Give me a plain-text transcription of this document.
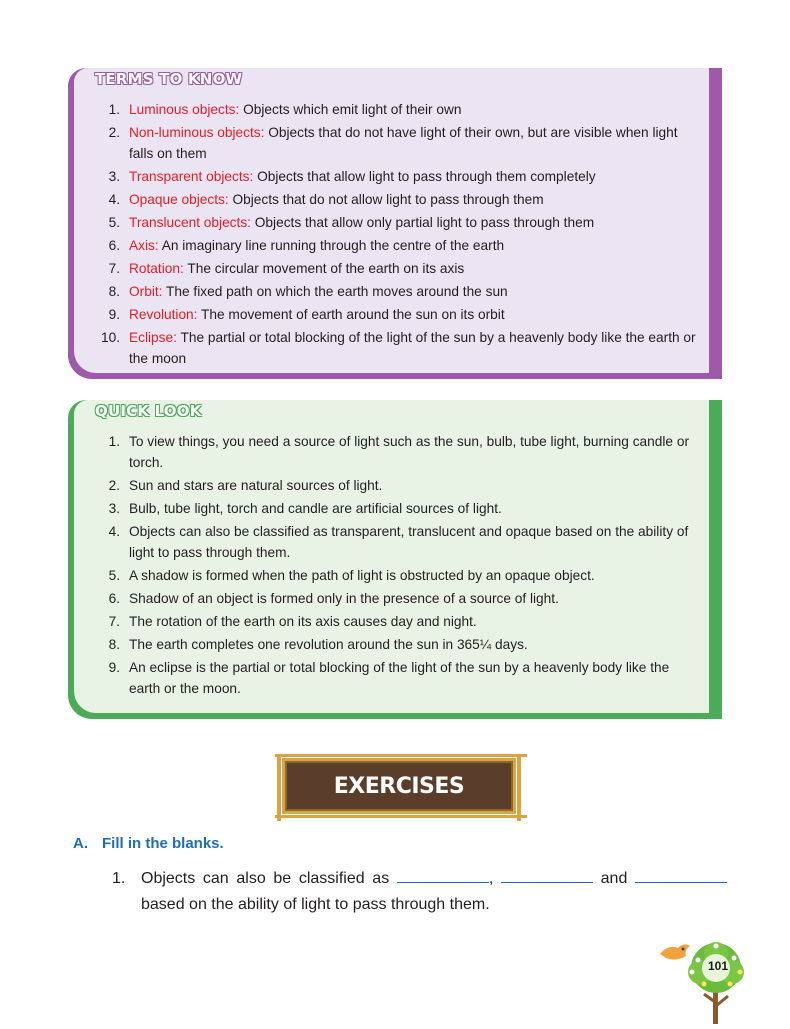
TERMS TO KNOW
1. Luminous objects: Objects which emit light of their own
2. Non-luminous objects: Objects that do not have light of their own, but are visible when light falls on them
3. Transparent objects: Objects that allow light to pass through them completely
4. Opaque objects: Objects that do not allow light to pass through them
5. Translucent objects: Objects that allow only partial light to pass through them
6. Axis: An imaginary line running through the centre of the earth
7. Rotation: The circular movement of the earth on its axis
8. Orbit: The fixed path on which the earth moves around the sun
9. Revolution: The movement of earth around the sun on its orbit
10. Eclipse: The partial or total blocking of the light of the sun by a heavenly body like the earth or the moon
QUICK LOOK
1. To view things, you need a source of light such as the sun, bulb, tube light, burning candle or torch.
2. Sun and stars are natural sources of light.
3. Bulb, tube light, torch and candle are artificial sources of light.
4. Objects can also be classified as transparent, translucent and opaque based on the ability of light to pass through them.
5. A shadow is formed when the path of light is obstructed by an opaque object.
6. Shadow of an object is formed only in the presence of a source of light.
7. The rotation of the earth on its axis causes day and night.
8. The earth completes one revolution around the sun in 365¼ days.
9. An eclipse is the partial or total blocking of the light of the sun by a heavenly body like the earth or the moon.
EXERCISES
A. Fill in the blanks.
1. Objects can also be classified as	,	and  based on the ability of light to pass through them.
101
